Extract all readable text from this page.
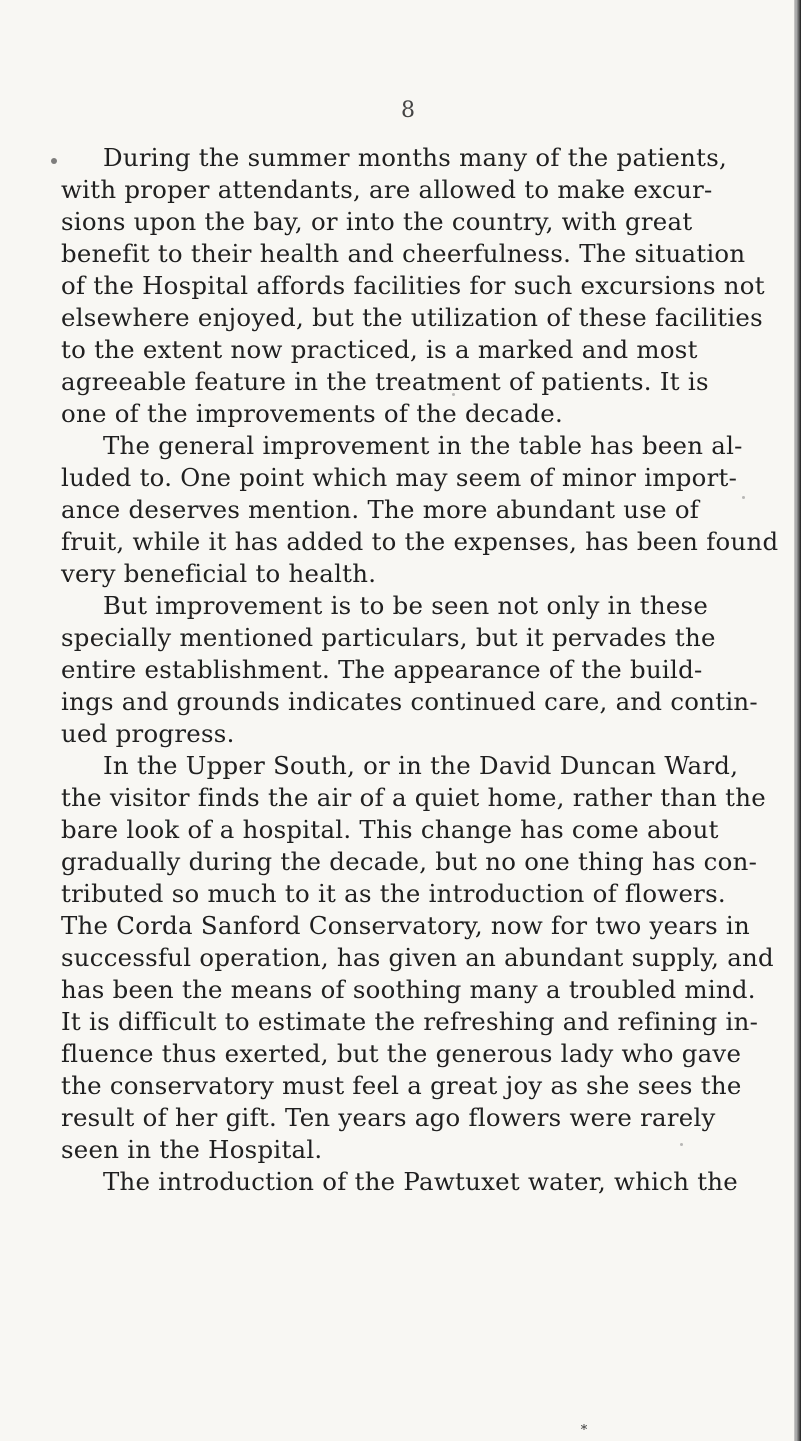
8
During the summer months many of the patients,
with proper attendants, are allowed to make excur-
sions upon the bay, or into the country, with great
benefit to their health and cheerfulness. The situation
of the Hospital affords facilities for such excursions not
elsewhere enjoyed, but the utilization of these facilities
to the extent now practiced, is a marked and most
agreeable feature in the treatment of patients. It is
one of the improvements of the decade.
The general improvement in the table has been al-
luded to. One point which may seem of minor import-
ance deserves mention. The more abundant use of
fruit, while it has added to the expenses, has been found
very beneficial to health.
But improvement is to be seen not only in these
specially mentioned particulars, but it pervades the
entire establishment. The appearance of the build-
ings and grounds indicates continued care, and contin-
ued progress.
In the Upper South, or in the David Duncan Ward,
the visitor finds the air of a quiet home, rather than the
bare look of a hospital. This change has come about
gradually during the decade, but no one thing has con-
tributed so much to it as the introduction of flowers.
The Corda Sanford Conservatory, now for two years in
successful operation, has given an abundant supply, and
has been the means of soothing many a troubled mind.
It is difficult to estimate the refreshing and refining in-
fluence thus exerted, but the generous lady who gave
the conservatory must feel a great joy as she sees the
result of her gift. Ten years ago flowers were rarely
seen in the Hospital.
The introduction of the Pawtuxet water, which the
*
